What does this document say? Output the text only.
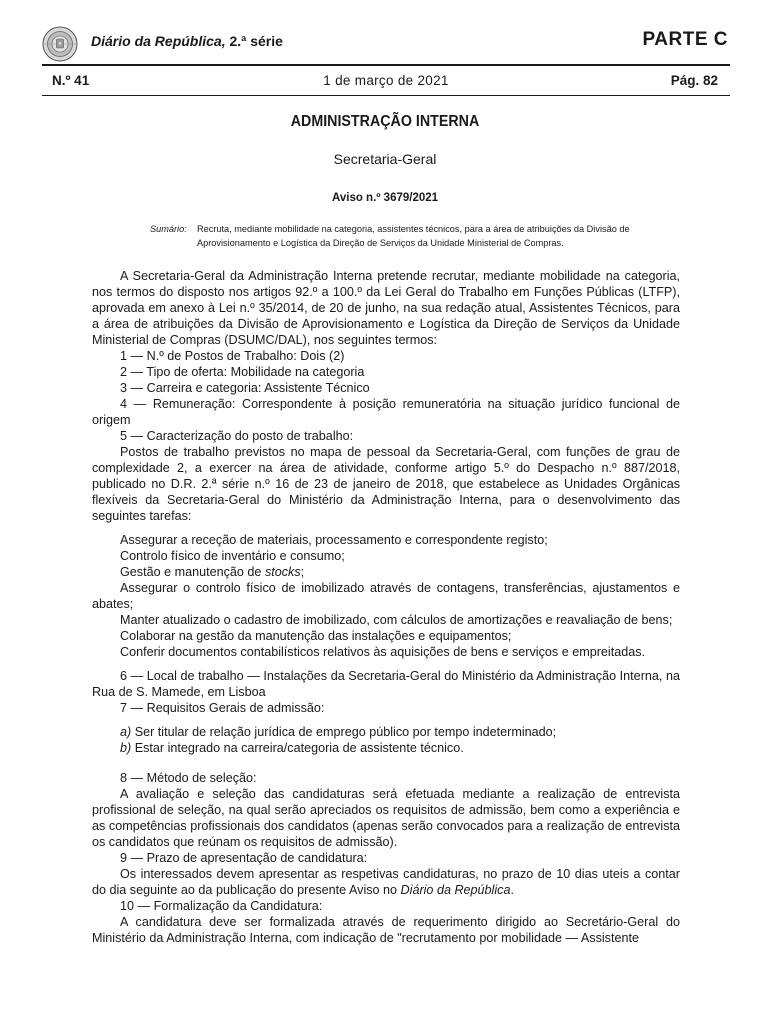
Diário da República, 2.ª série	PARTE C
N.º 41	1 de março de 2021	Pág. 82
ADMINISTRAÇÃO INTERNA
Secretaria-Geral
Aviso n.º 3679/2021
Sumário: Recruta, mediante mobilidade na categoria, assistentes técnicos, para a área de atribuições da Divisão de Aprovisionamento e Logística da Direção de Serviços da Unidade Ministerial de Compras.

A Secretaria-Geral da Administração Interna pretende recrutar, mediante mobilidade na categoria, nos termos do disposto nos artigos 92.º a 100.º da Lei Geral do Trabalho em Funções Públicas (LTFP), aprovada em anexo à Lei n.º 35/2014, de 20 de junho, na sua redação atual, Assistentes Técnicos, para a área de atribuições da Divisão de Aprovisionamento e Logística da Direção de Serviços da Unidade Ministerial de Compras (DSUMC/DAL), nos seguintes termos:

1 — N.º de Postos de Trabalho: Dois (2)

2 — Tipo de oferta: Mobilidade na categoria

3 — Carreira e categoria: Assistente Técnico

4 — Remuneração: Correspondente à posição remuneratória na situação jurídico funcional de origem

5 — Caracterização do posto de trabalho:

Postos de trabalho previstos no mapa de pessoal da Secretaria-Geral, com funções de grau de complexidade 2, a exercer na área de atividade, conforme artigo 5.º do Despacho n.º 887/2018, publicado no D.R. 2.ª série n.º 16 de 23 de janeiro de 2018, que estabelece as Unidades Orgânicas flexíveis da Secretaria-Geral do Ministério da Administração Interna, para o desenvolvimento das seguintes tarefas:

Assegurar a receção de materiais, processamento e correspondente registo;

Controlo físico de inventário e consumo;

Gestão e manutenção de stocks;

Assegurar o controlo físico de imobilizado através de contagens, transferências, ajustamentos e abates;

Manter atualizado o cadastro de imobilizado, com cálculos de amortizações e reavaliação de bens;

Colaborar na gestão da manutenção das instalações e equipamentos;

Conferir documentos contabilísticos relativos às aquisições de bens e serviços e empreitadas.

6 — Local de trabalho — Instalações da Secretaria-Geral do Ministério da Administração Interna, na Rua de S. Mamede, em Lisboa

7 — Requisitos Gerais de admissão:

a) Ser titular de relação jurídica de emprego público por tempo indeterminado;

b) Estar integrado na carreira/categoria de assistente técnico.

8 — Método de seleção:

A avaliação e seleção das candidaturas será efetuada mediante a realização de entrevista profissional de seleção, na qual serão apreciados os requisitos de admissão, bem como a experiência e as competências profissionais dos candidatos (apenas serão convocados para a realização de entrevista os candidatos que reúnam os requisitos de admissão).

9 — Prazo de apresentação de candidatura:

Os interessados devem apresentar as respetivas candidaturas, no prazo de 10 dias uteis a contar do dia seguinte ao da publicação do presente Aviso no Diário da República.

10 — Formalização da Candidatura:

A candidatura deve ser formalizada através de requerimento dirigido ao Secretário-Geral do Ministério da Administração Interna, com indicação de "recrutamento por mobilidade — Assistente
